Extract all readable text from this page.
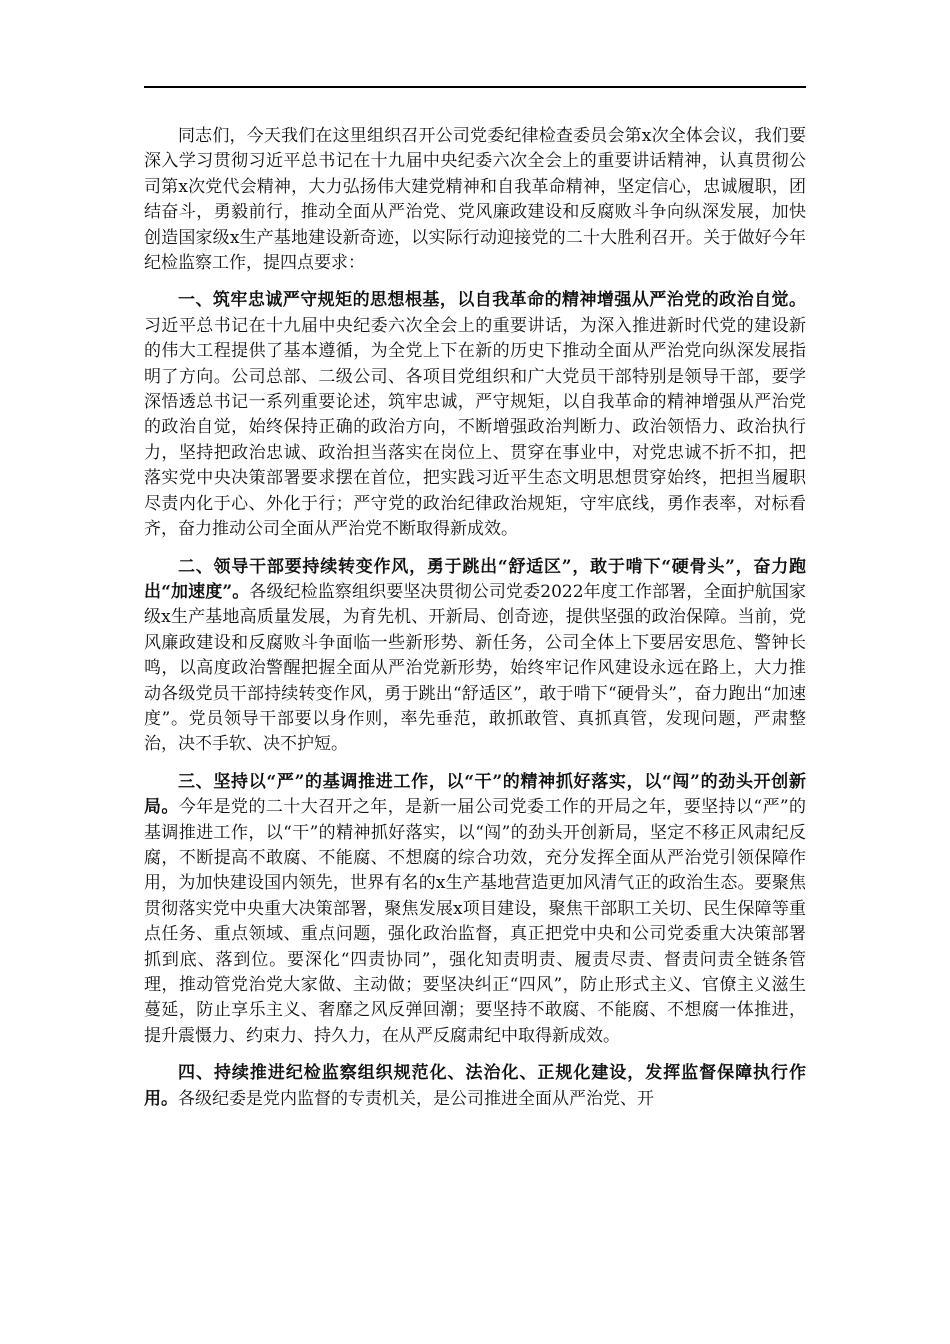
同志们，今天我们在这里组织召开公司党委纪律检查委员会第x次全体会议，我们要深入学习贯彻习近平总书记在十九届中央纪委六次全会上的重要讲话精神，认真贯彻公司第x次党代会精神，大力弘扬伟大建党精神和自我革命精神，坚定信心，忠诚履职，团结奋斗，勇毅前行，推动全面从严治党、党风廉政建设和反腐败斗争向纵深发展，加快创造国家级x生产基地建设新奇迹，以实际行动迎接党的二十大胜利召开。关于做好今年纪检监察工作，提四点要求：

一、筑牢忠诚严守规矩的思想根基，以自我革命的精神增强从严治党的政治自觉。习近平总书记在十九届中央纪委六次全会上的重要讲话，为深入推进新时代党的建设新的伟大工程提供了基本遵循，为全党上下在新的历史下推动全面从严治党向纵深发展指明了方向。公司总部、二级公司、各项目党组织和广大党员干部特别是领导干部，要学深悟透总书记一系列重要论述，筑牢忠诚，严守规矩，以自我革命的精神增强从严治党的政治自觉，始终保持正确的政治方向，不断增强政治判断力、政治领悟力、政治执行力，坚持把政治忠诚、政治担当落实在岗位上、贯穿在事业中，对党忠诚不折不扣，把落实党中央决策部署要求摆在首位，把实践习近平生态文明思想贯穿始终，把担当履职尽责内化于心、外化于行；严守党的政治纪律政治规矩，守牢底线，勇作表率，对标看齐，奋力推动公司全面从严治党不断取得新成效。

二、领导干部要持续转变作风，勇于跳出“舒适区”，敢于啃下“硬骨头”，奋力跑出“加速度”。各级纪检监察组织要坚决贯彻公司党委2022年度工作部署，全面护航国家级x生产基地高质量发展，为育先机、开新局、创奇迹，提供坚强的政治保障。当前，党风廉政建设和反腐败斗争面临一些新形势、新任务，公司全体上下要居安思危、警钟长鸣，以高度政治警醒把握全面从严治党新形势，始终牢记作风建设永远在路上，大力推动各级党员干部持续转变作风，勇于跳出“舒适区”，敢于啃下“硬骨头”，奋力跑出“加速度”。党员领导干部要以身作则，率先垂范，敢抓敢管、真抓真管，发现问题，严肃整治，决不手软、决不护短。

三、坚持以“严”的基调推进工作，以“干”的精神抓好落实，以“闯”的劲头开创新局。今年是党的二十大召开之年，是新一届公司党委工作的开局之年，要坚持以“严”的基调推进工作，以“干”的精神抓好落实，以“闯”的劲头开创新局，坚定不移正风肃纪反腐，不断提高不敢腐、不能腐、不想腐的综合功效，充分发挥全面从严治党引领保障作用，为加快建设国内领先，世界有名的x生产基地营造更加风清气正的政治生态。要聚焦贯彻落实党中央重大决策部署，聚焦发展x项目建设，聚焦干部职工关切、民生保障等重点任务、重点领域、重点问题，强化政治监督，真正把党中央和公司党委重大决策部署抓到底、落到位。要深化“四责协同”，强化知责明责、履责尽责、督责问责全链条管理，推动管党治党大家做、主动做；要坚决纠正“四风”，防止形式主义、官僚主义滋生蔓延，防止享乐主义、奢靡之风反弹回潮；要坚持不敢腐、不能腐、不想腐一体推进，提升震慑力、约束力、持久力，在从严反腐肃纪中取得新成效。

四、持续推进纪检监察组织规范化、法治化、正规化建设，发挥监督保障执行作用。各级纪委是党内监督的专责机关，是公司推进全面从严治党、开
